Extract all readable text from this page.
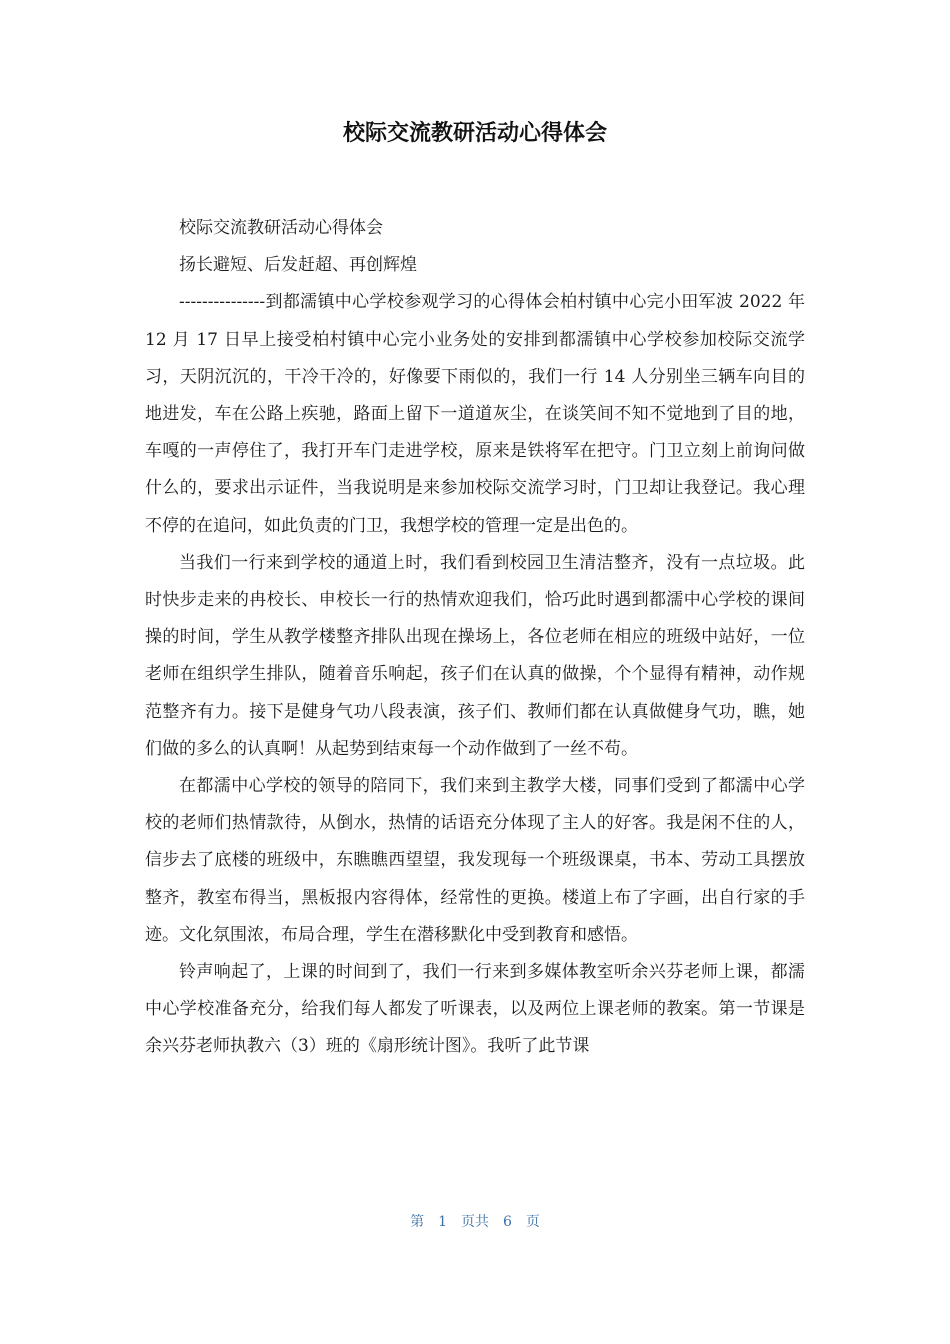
校际交流教研活动心得体会

校际交流教研活动心得体会

扬长避短、后发赶超、再创辉煌

---------------到都濡镇中心学校参观学习的心得体会柏村镇中心完小田军波 2022 年 12 月 17 日早上接受柏村镇中心完小业务处的安排到都濡镇中心学校参加校际交流学习，天阴沉沉的，干冷干冷的，好像要下雨似的，我们一行 14 人分别坐三辆车向目的地进发，车在公路上疾驰，路面上留下一道道灰尘，在谈笑间不知不觉地到了目的地，车嘎的一声停住了，我打开车门走进学校，原来是铁将军在把守。门卫立刻上前询问做什么的，要求出示证件，当我说明是来参加校际交流学习时，门卫却让我登记。我心理不停的在追问，如此负责的门卫，我想学校的管理一定是出色的。

当我们一行来到学校的通道上时，我们看到校园卫生清洁整齐，没有一点垃圾。此时快步走来的冉校长、申校长一行的热情欢迎我们，恰巧此时遇到都濡中心学校的课间操的时间，学生从教学楼整齐排队出现在操场上，各位老师在相应的班级中站好，一位老师在组织学生排队，随着音乐响起，孩子们在认真的做操，个个显得有精神，动作规范整齐有力。接下是健身气功八段表演，孩子们、教师们都在认真做健身气功，瞧，她们做的多么的认真啊！从起势到结束每一个动作做到了一丝不苟。

在都濡中心学校的领导的陪同下，我们来到主教学大楼，同事们受到了都濡中心学校的老师们热情款待，从倒水，热情的话语充分体现了主人的好客。我是闲不住的人，信步去了底楼的班级中，东瞧瞧西望望，我发现每一个班级课桌，书本、劳动工具摆放整齐，教室布得当，黑板报内容得体，经常性的更换。楼道上布了字画，出自行家的手迹。文化氛围浓，布局合理，学生在潜移默化中受到教育和感悟。

铃声响起了，上课的时间到了，我们一行来到多媒体教室听余兴芬老师上课，都濡中心学校准备充分，给我们每人都发了听课表，以及两位上课老师的教案。第一节课是余兴芬老师执教六（3）班的《扇形统计图》。我听了此节课

第 1 页共 6 页
